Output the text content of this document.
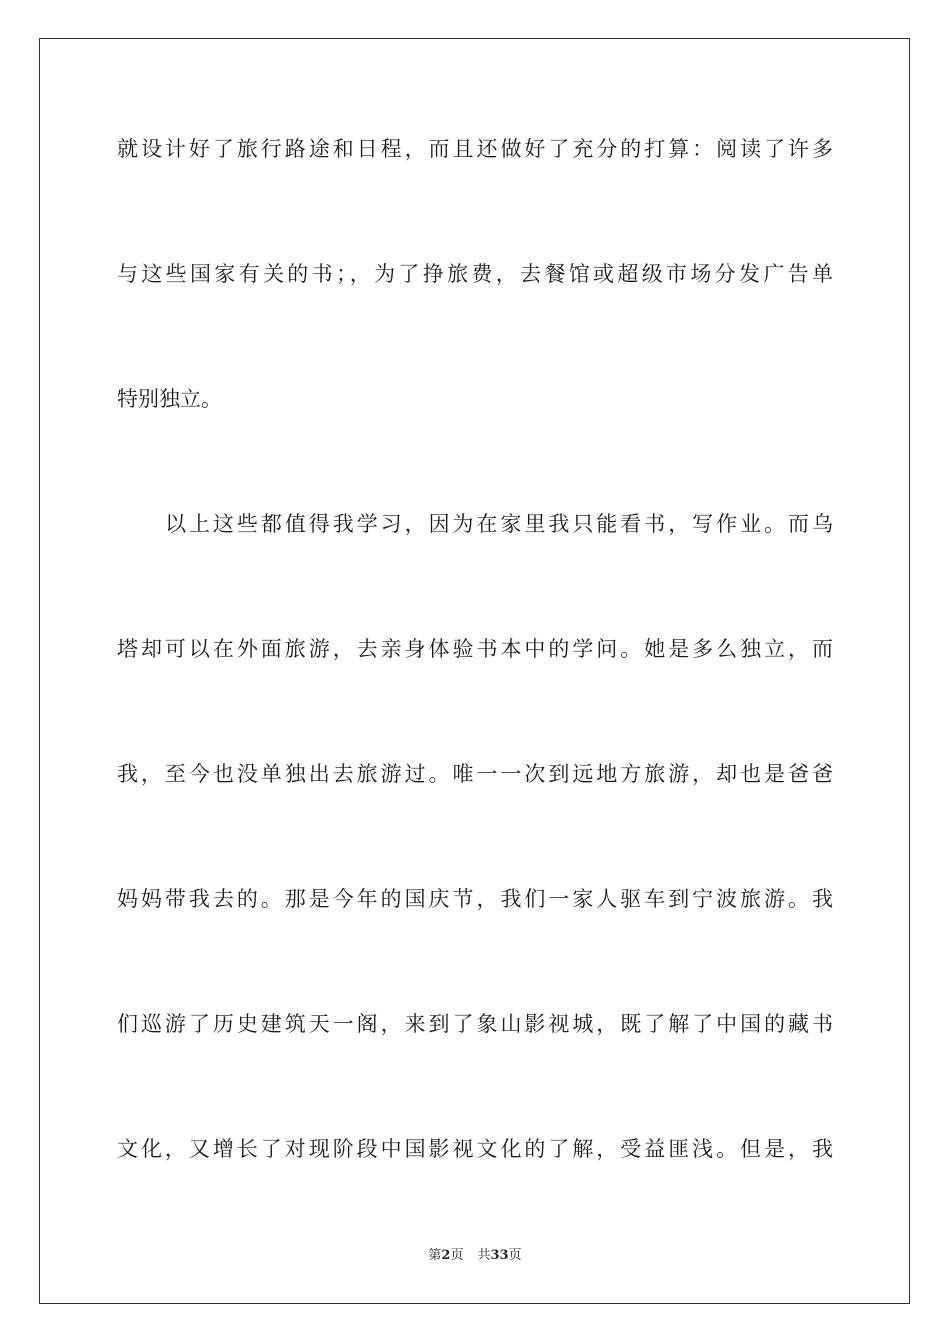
就设计好了旅行路途和日程，而且还做好了充分的打算：阅读了许多
与这些国家有关的书；，为了挣旅费，去餐馆或超级市场分发广告单
特别独立。
以上这些都值得我学习，因为在家里我只能看书，写作业。而乌
塔却可以在外面旅游，去亲身体验书本中的学问。她是多么独立，而
我，至今也没单独出去旅游过。唯一一次到远地方旅游，却也是爸爸
妈妈带我去的。那是今年的国庆节，我们一家人驱车到宁波旅游。我
们巡游了历史建筑天一阁，来到了象山影视城，既了解了中国的藏书
文化，又增长了对现阶段中国影视文化的了解，受益匪浅。但是，我
第2页 共33页
